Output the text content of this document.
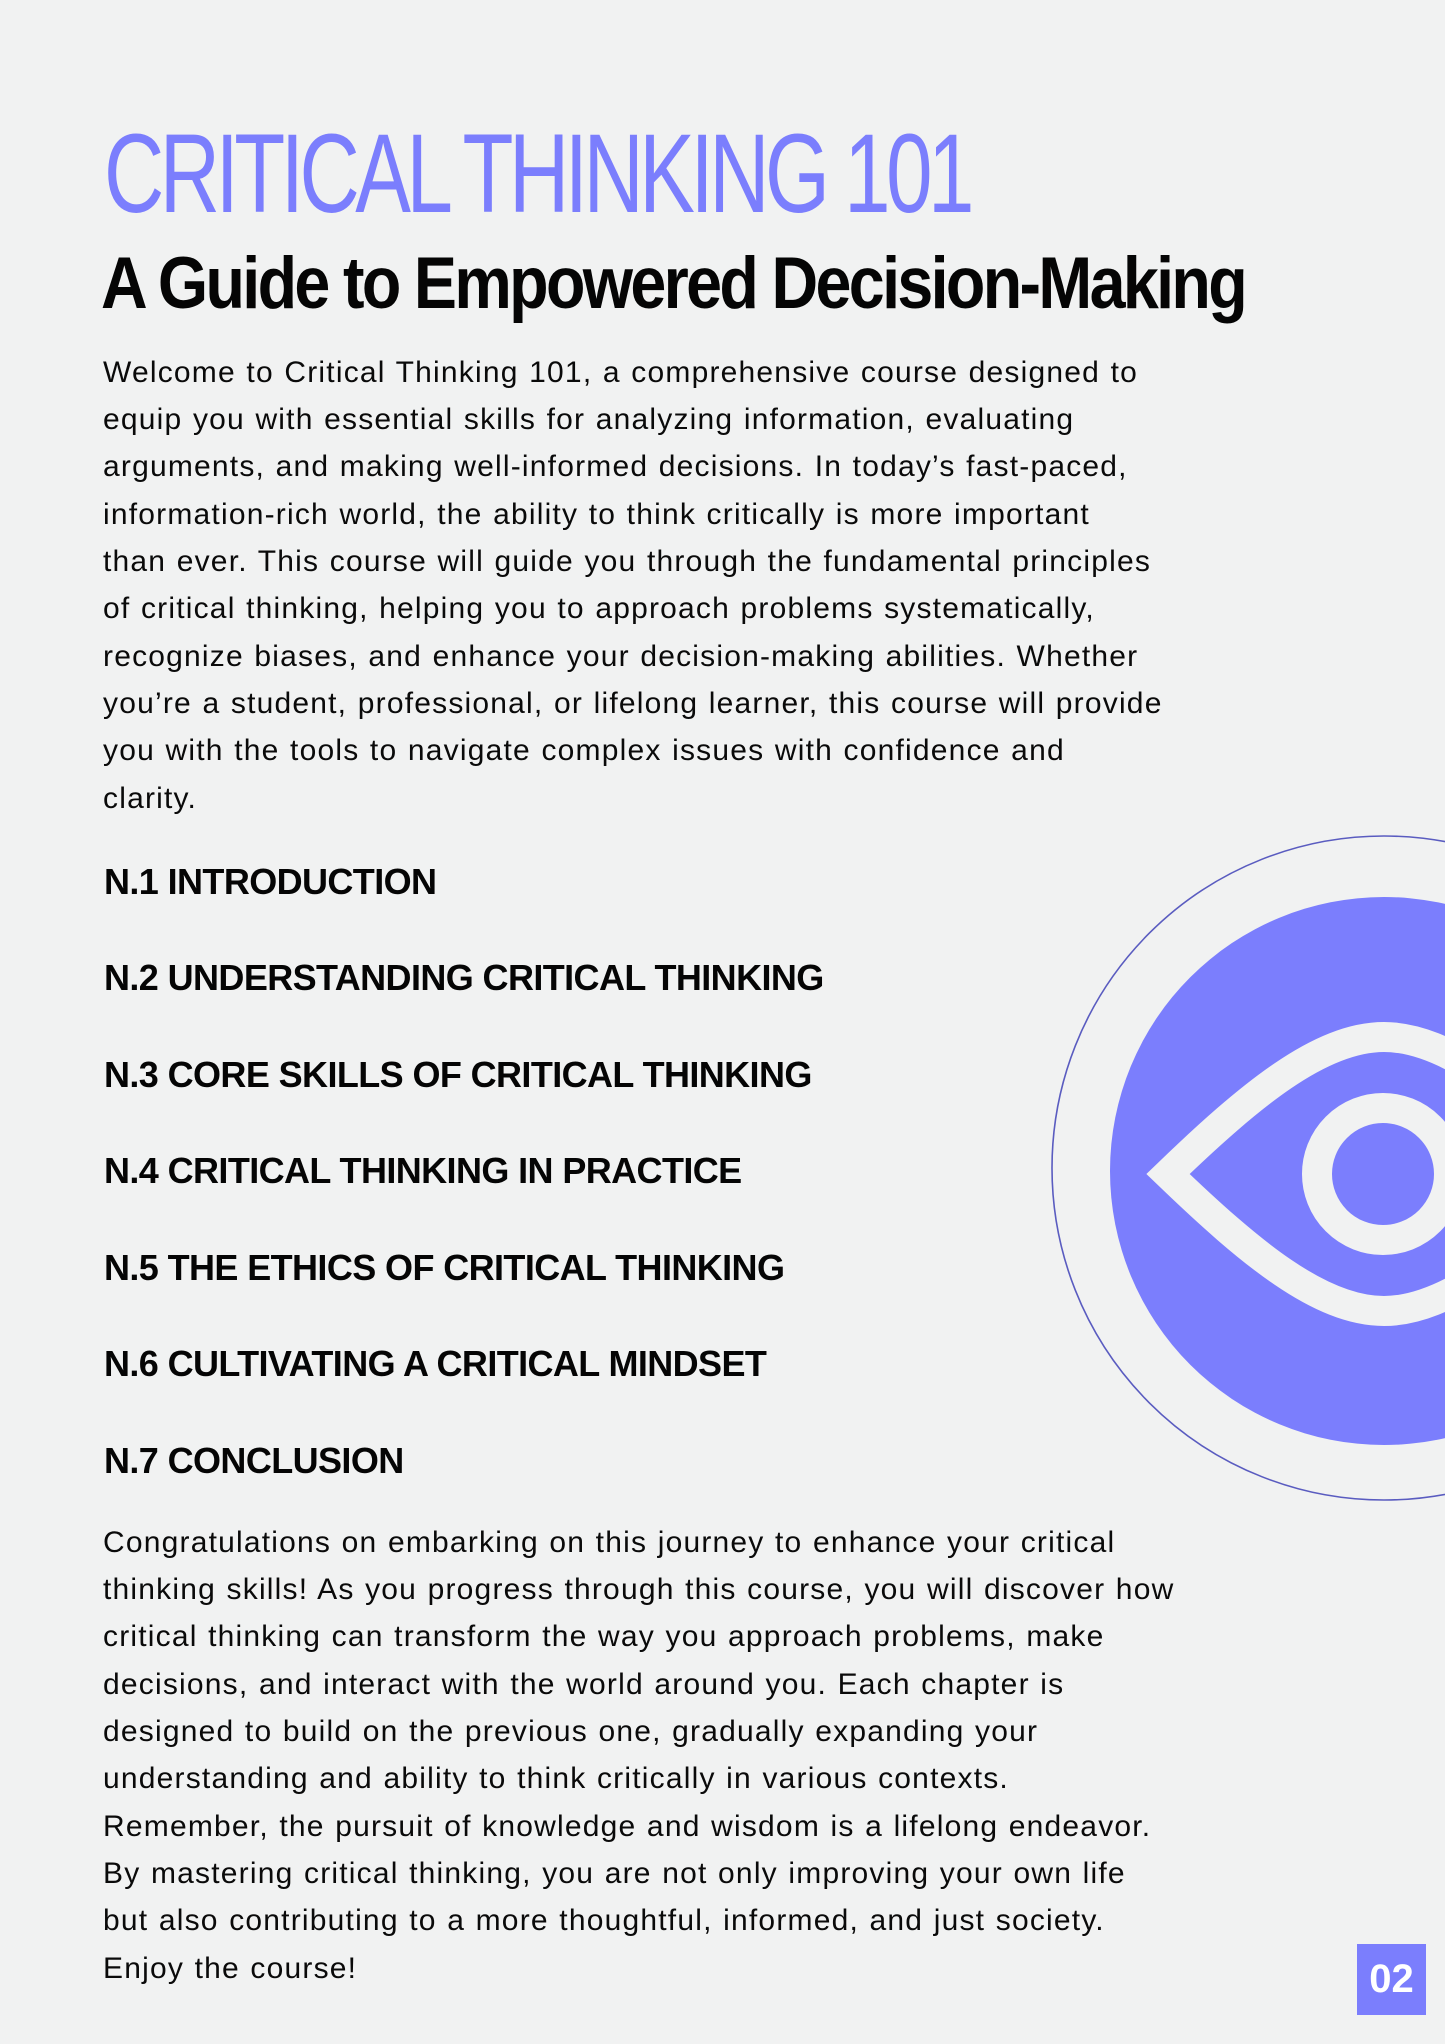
CRITICAL THINKING 101
A Guide to Empowered Decision-Making
Welcome to Critical Thinking 101, a comprehensive course designed to
equip you with essential skills for analyzing information, evaluating
arguments, and making well-informed decisions. In today’s fast-paced,
information-rich world, the ability to think critically is more important
than ever. This course will guide you through the fundamental principles
of critical thinking, helping you to approach problems systematically,
recognize biases, and enhance your decision-making abilities. Whether
you’re a student, professional, or lifelong learner, this course will provide
you with the tools to navigate complex issues with confidence and
clarity.
N.1 INTRODUCTION
N.2 UNDERSTANDING CRITICAL THINKING
N.3 CORE SKILLS OF CRITICAL THINKING
N.4 CRITICAL THINKING IN PRACTICE
N.5 THE ETHICS OF CRITICAL THINKING
N.6 CULTIVATING A CRITICAL MINDSET
N.7 CONCLUSION
Congratulations on embarking on this journey to enhance your critical
thinking skills! As you progress through this course, you will discover how
critical thinking can transform the way you approach problems, make
decisions, and interact with the world around you. Each chapter is
designed to build on the previous one, gradually expanding your
understanding and ability to think critically in various contexts.
Remember, the pursuit of knowledge and wisdom is a lifelong endeavor.
By mastering critical thinking, you are not only improving your own life
but also contributing to a more thoughtful, informed, and just society.
Enjoy the course!	02
